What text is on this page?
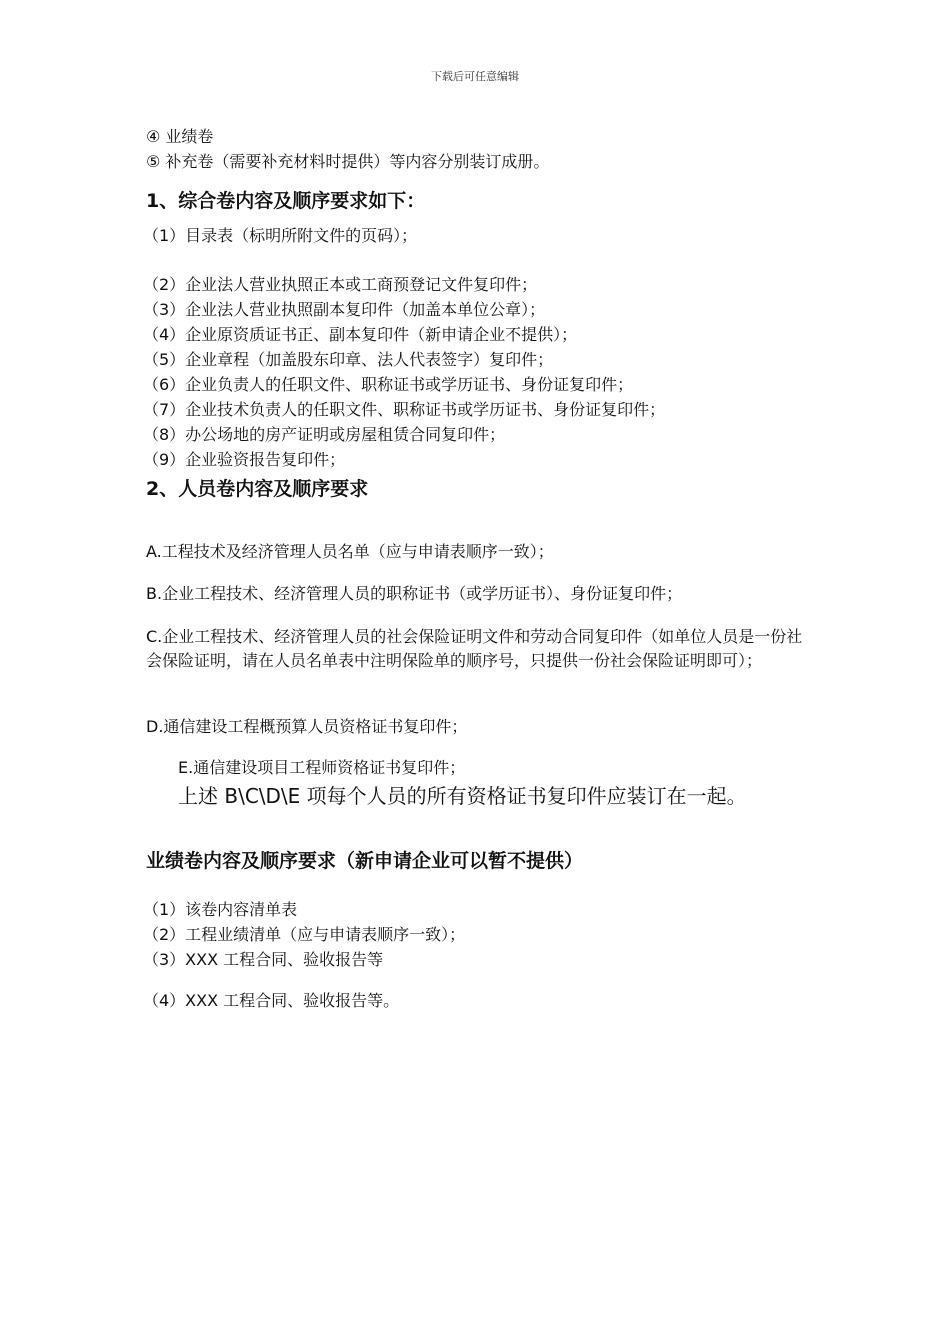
下载后可任意编辑
④ 业绩卷
⑤ 补充卷（需要补充材料时提供）等内容分别装订成册。
1、综合卷内容及顺序要求如下：
（1）目录表（标明所附文件的页码）；
（2）企业法人营业执照正本或工商预登记文件复印件；
（3）企业法人营业执照副本复印件（加盖本单位公章）；
（4）企业原资质证书正、副本复印件（新申请企业不提供）；
（5）企业章程（加盖股东印章、法人代表签字）复印件；
（6）企业负责人的任职文件、职称证书或学历证书、身份证复印件；
（7）企业技术负责人的任职文件、职称证书或学历证书、身份证复印件；
（8）办公场地的房产证明或房屋租赁合同复印件；
（9）企业验资报告复印件；
2、人员卷内容及顺序要求
A.工程技术及经济管理人员名单（应与申请表顺序一致）；
B.企业工程技术、经济管理人员的职称证书（或学历证书）、身份证复印件；
C.企业工程技术、经济管理人员的社会保险证明文件和劳动合同复印件（如单位人员是一份社会保险证明，请在人员名单表中注明保险单的顺序号，只提供一份社会保险证明即可）；
D.通信建设工程概预算人员资格证书复印件；
E.通信建设项目工程师资格证书复印件；
上述 B\C\D\E 项每个人员的所有资格证书复印件应装订在一起。
业绩卷内容及顺序要求（新申请企业可以暂不提供）
（1）该卷内容清单表
（2）工程业绩清单（应与申请表顺序一致）；
（3）XXX 工程合同、验收报告等
（4）XXX 工程合同、验收报告等。
